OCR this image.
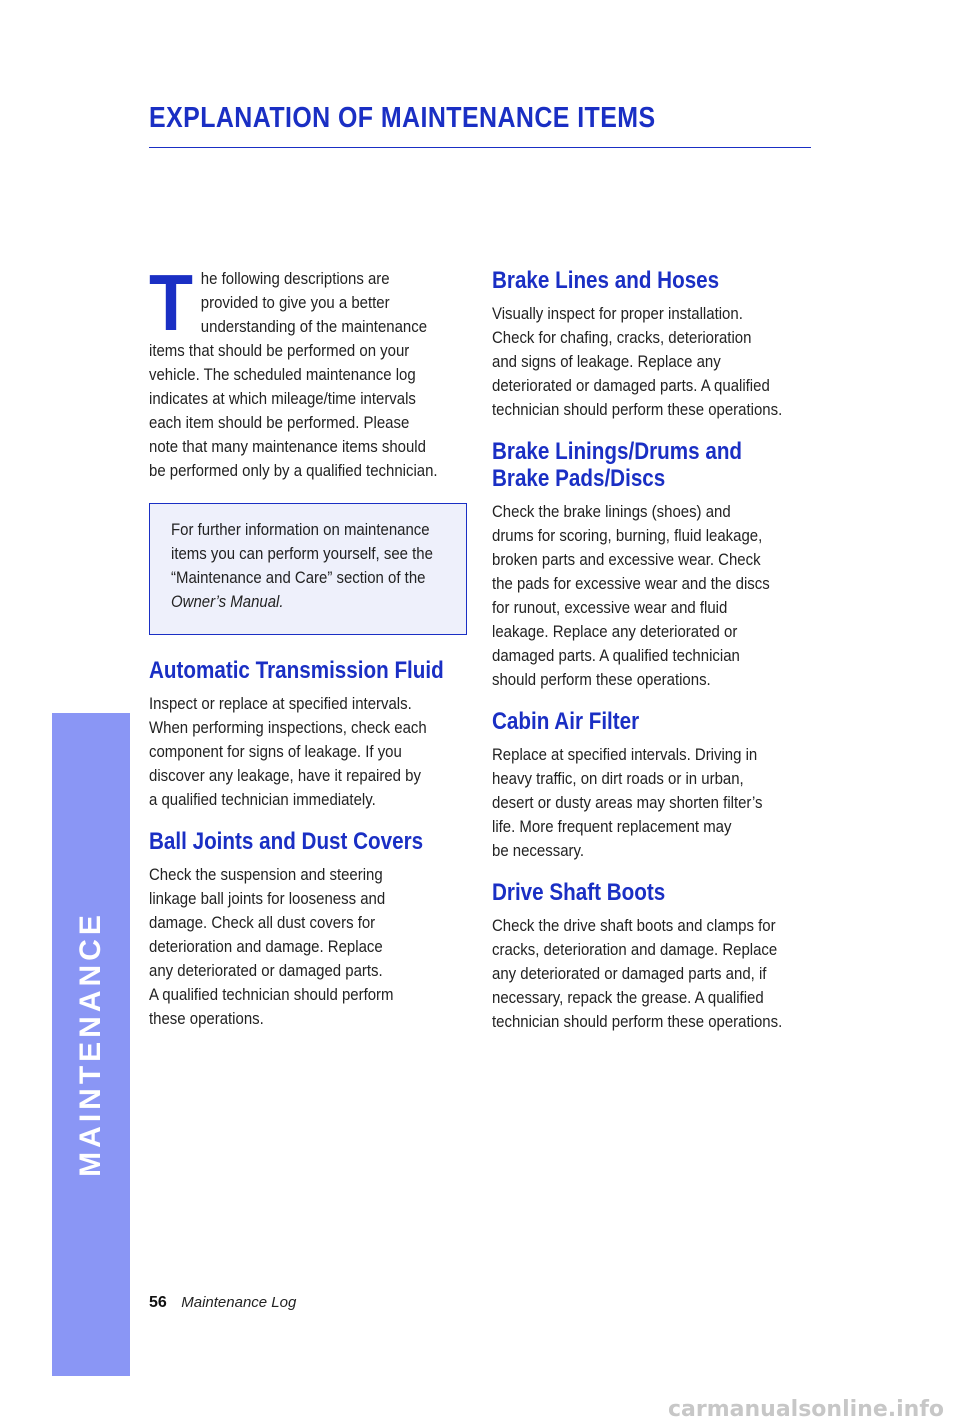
EXPLANATION OF MAINTENANCE ITEMS
MAINTENANCE
T he following descriptions are
provided to give you a better
understanding of the maintenance
items that should be performed on your
vehicle. The scheduled maintenance log
indicates at which mileage/time intervals
each item should be performed. Please
note that many maintenance items should
be performed only by a qualified technician.
For further information on maintenance
items you can perform yourself, see the
“Maintenance and Care” section of the
Owner’s Manual.
Automatic Transmission Fluid
Inspect or replace at specified intervals.
When performing inspections, check each
component for signs of leakage. If you
discover any leakage, have it repaired by
a qualified technician immediately.
Ball Joints and Dust Covers
Check the suspension and steering
linkage ball joints for looseness and
damage. Check all dust covers for
deterioration and damage. Replace
any deteriorated or damaged parts.
A qualified technician should perform
these operations.
Brake Lines and Hoses
Visually inspect for proper installation.
Check for chafing, cracks, deterioration
and signs of leakage. Replace any
deteriorated or damaged parts. A qualified
technician should perform these operations.
Brake Linings/Drums and
Brake Pads/Discs
Check the brake linings (shoes) and
drums for scoring, burning, fluid leakage,
broken parts and excessive wear. Check
the pads for excessive wear and the discs
for runout, excessive wear and fluid
leakage. Replace any deteriorated or
damaged parts. A qualified technician
should perform these operations.
Cabin Air Filter
Replace at specified intervals. Driving in
heavy traffic, on dirt roads or in urban,
desert or dusty areas may shorten filter’s
life. More frequent replacement may
be necessary.
Drive Shaft Boots
Check the drive shaft boots and clamps for
cracks, deterioration and damage. Replace
any deteriorated or damaged parts and, if
necessary, repack the grease. A qualified
technician should perform these operations.
56 Maintenance Log
carmanualsonline.info
